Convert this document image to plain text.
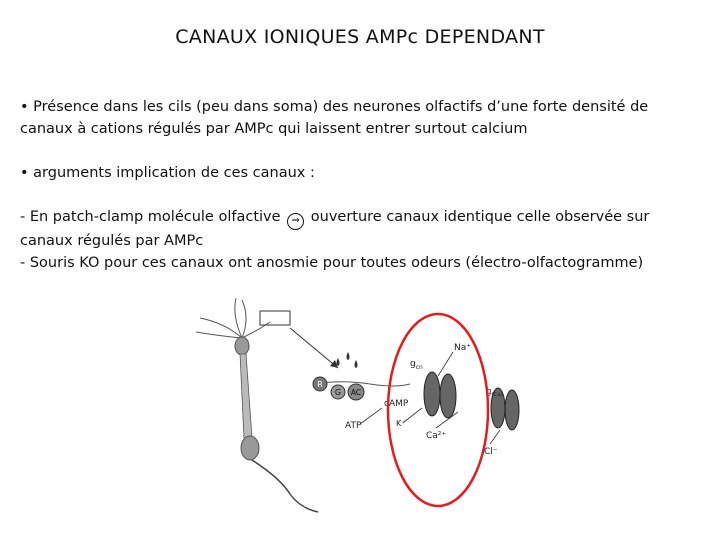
CANAUX IONIQUES AMPc DEPENDANT
• Présence dans les cils (peu dans soma) des neurones olfactifs d’une forte densité de canaux à cations régulés par AMPc qui laissent entrer surtout calcium
• arguments implication de ces canaux :
- En patch-clamp molécule olfactive ⇒ ouverture canaux identique celle observée sur canaux régulés par AMPc
- Souris KO pour ces canaux ont anosmie pour toutes odeurs (électro-olfactogramme)
R
G AC
ATP
cAMP
Na⁺
$g_{cn}$
K⁺
Ca²⁺
$g_{(Ca)}$
Cl⁻
